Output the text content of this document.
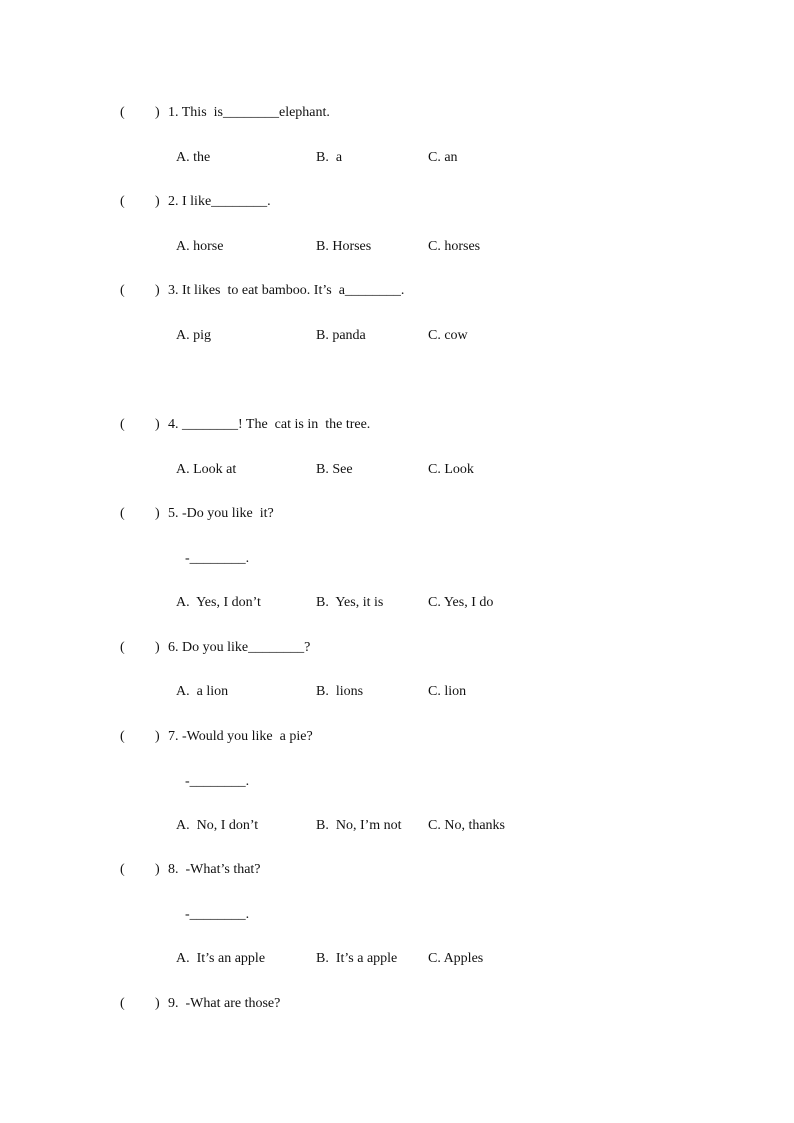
( ) 1. This  is________elephant.
A. the	B.  a	C. an
( ) 2. I like________.
A. horse	B. Horses	C. horses
( ) 3. It likes  to eat bamboo. It’s  a________.
A. pig	B. panda	C. cow
( ) 4. ________! The  cat is in  the tree.
A. Look at	B. See	C. Look
( ) 5. -Do you like  it?
-________.
A.  Yes, I don’t	B.  Yes, it is	C. Yes, I do
( ) 6. Do you like________?
A.  a lion	B.  lions	C. lion
( ) 7. -Would you like  a pie?
-________.
A.  No, I don’t	B.  No, I’m not C. No, thanks
( ) 8.  -What’s that?
-________.
A.  It’s an apple	B.  It’s a apple C. Apples
( ) 9.  -What are those?
